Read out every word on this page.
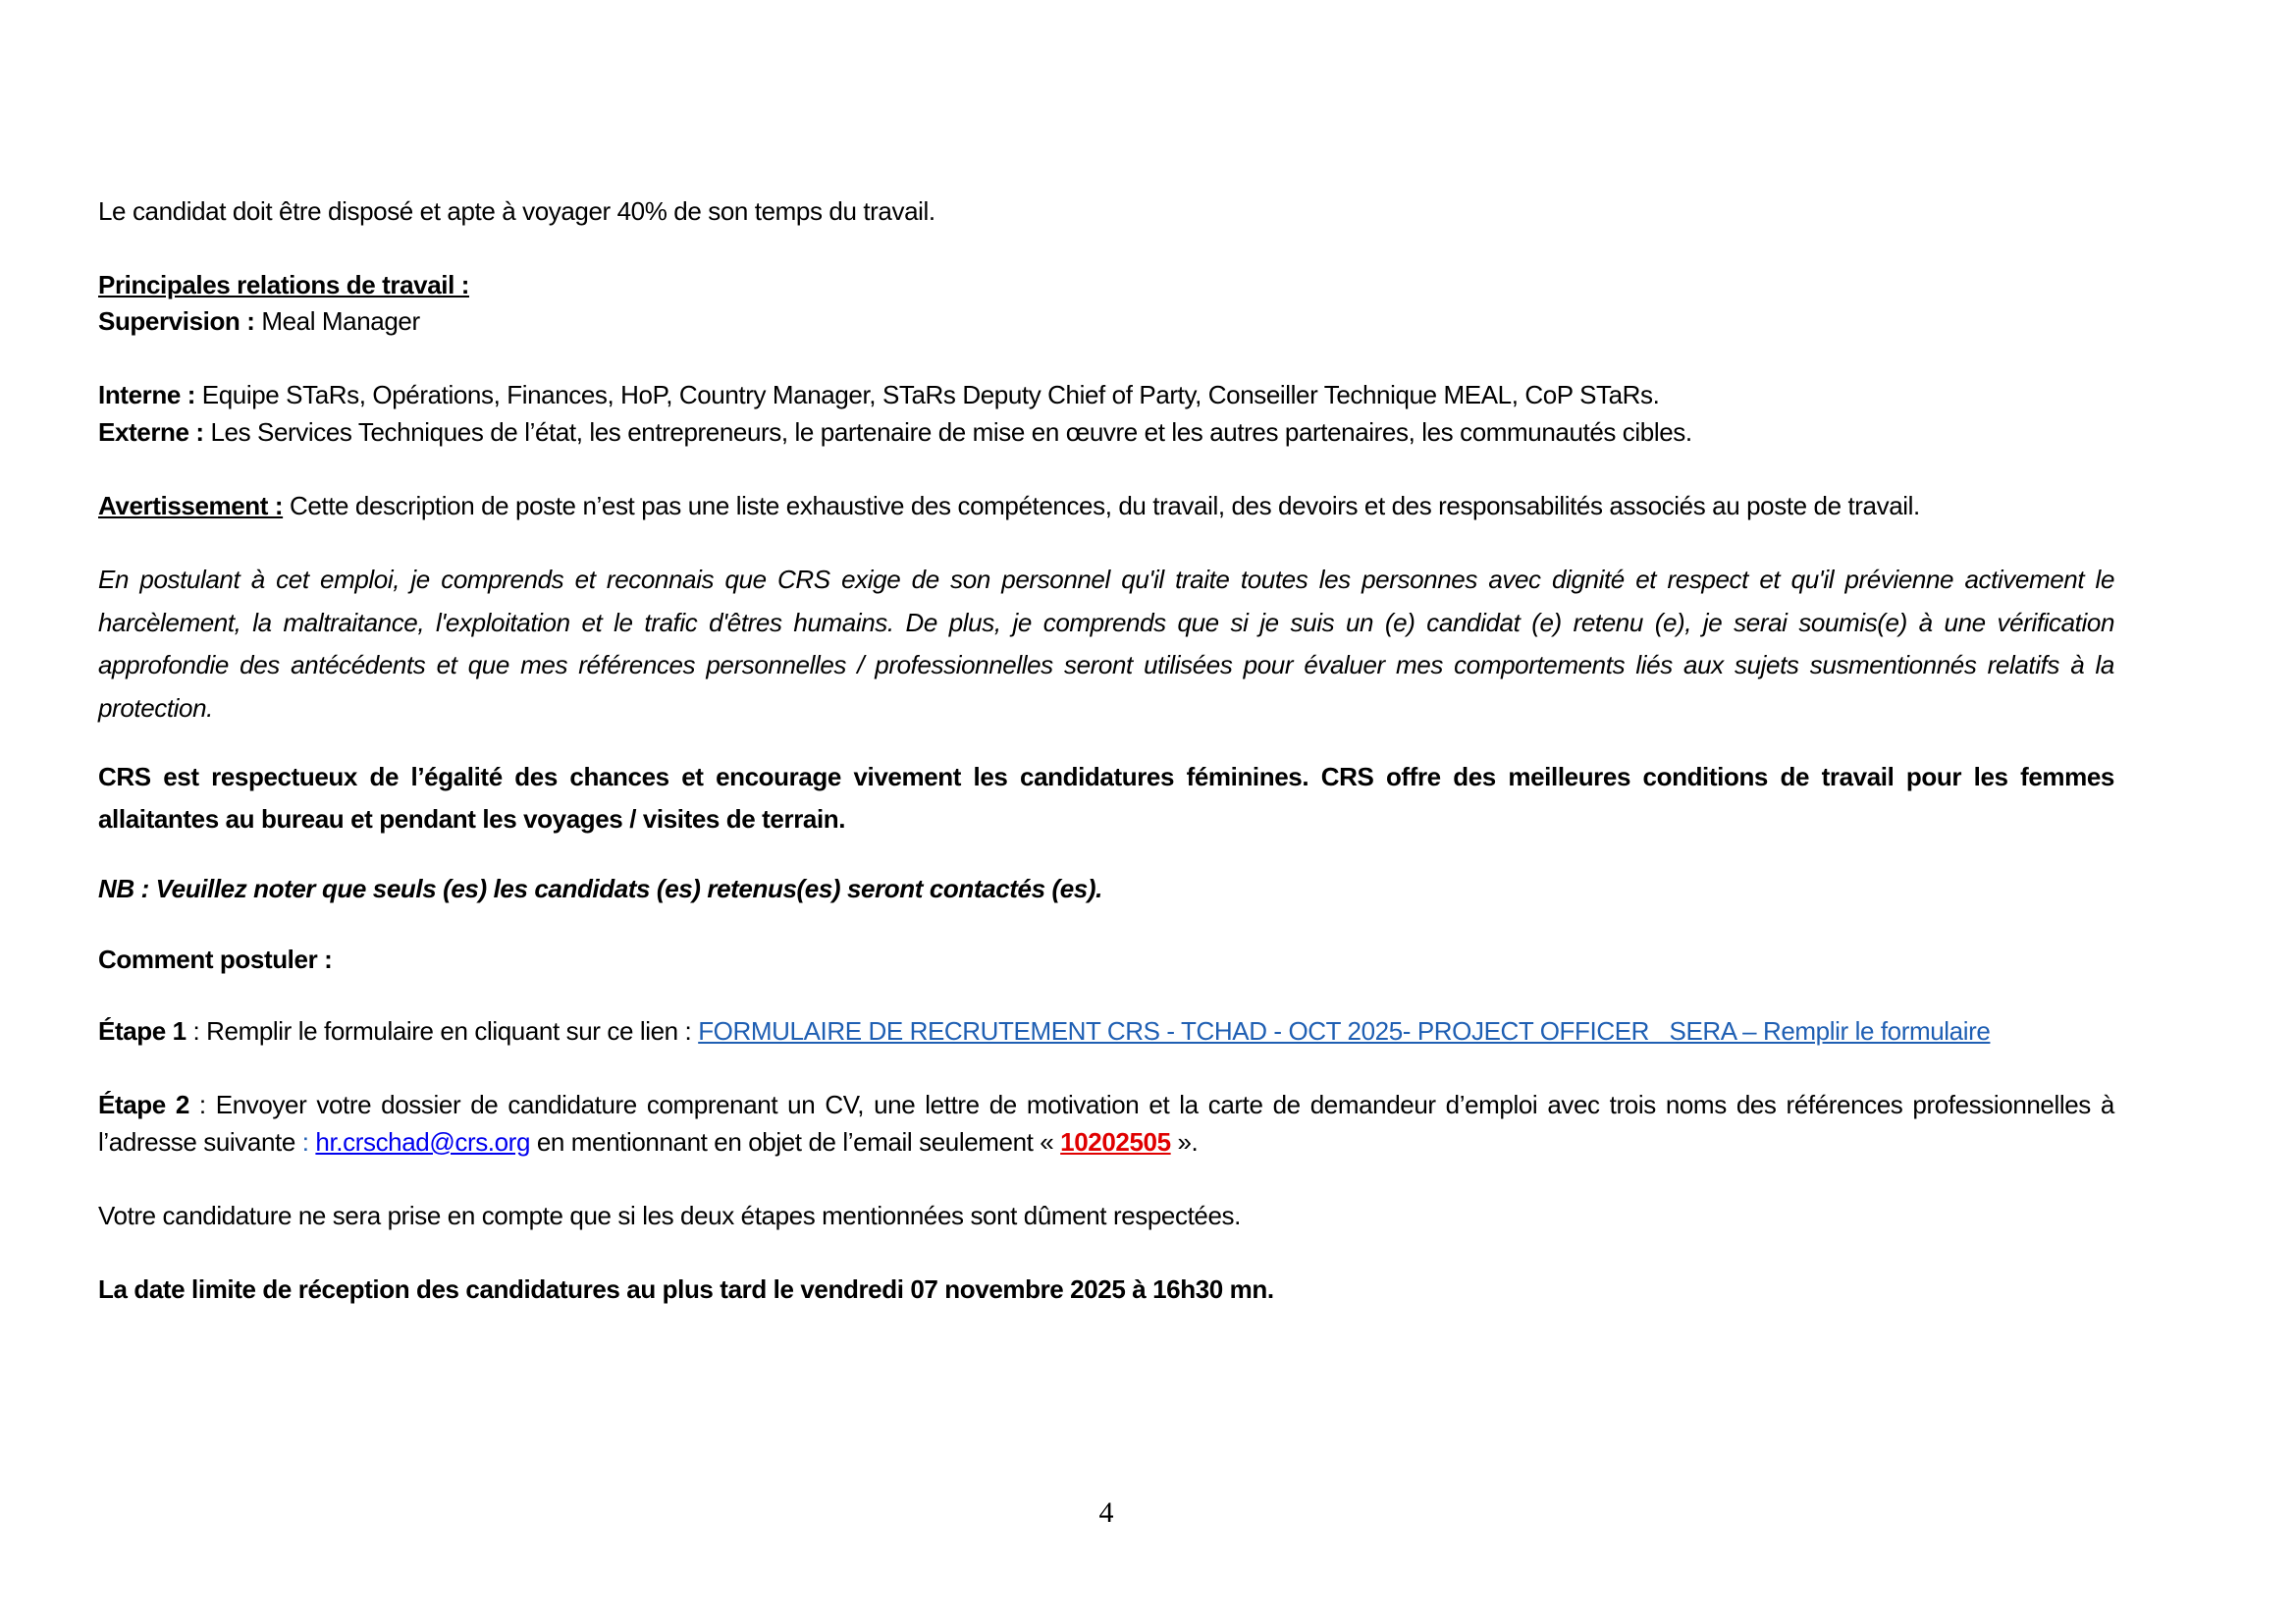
Le candidat doit être disposé et apte à voyager 40% de son temps du travail.
Principales relations de travail :
Supervision : Meal Manager
Interne : Equipe STaRs, Opérations, Finances, HoP, Country Manager, STaRs Deputy Chief of Party, Conseiller Technique MEAL, CoP STaRs.
Externe : Les Services Techniques de l’état, les entrepreneurs, le partenaire de mise en œuvre et les autres partenaires, les communautés cibles.
Avertissement : Cette description de poste n’est pas une liste exhaustive des compétences, du travail, des devoirs et des responsabilités associés au poste de travail.
En postulant à cet emploi, je comprends et reconnais que CRS exige de son personnel qu'il traite toutes les personnes avec dignité et respect et qu'il prévienne activement le harcèlement, la maltraitance, l'exploitation et le trafic d'êtres humains. De plus, je comprends que si je suis un (e) candidat (e) retenu (e), je serai soumis(e) à une vérification approfondie des antécédents et que mes références personnelles / professionnelles seront utilisées pour évaluer mes comportements liés aux sujets susmentionnés relatifs à la protection.
CRS est respectueux de l’égalité des chances et encourage vivement les candidatures féminines. CRS offre des meilleures conditions de travail pour les femmes allaitantes au bureau et pendant les voyages / visites de terrain.
NB : Veuillez noter que seuls (es) les candidats (es) retenus(es) seront contactés (es).
Comment postuler :
Étape 1 : Remplir le formulaire en cliquant sur ce lien : FORMULAIRE DE RECRUTEMENT CRS - TCHAD - OCT 2025- PROJECT OFFICER   SERA – Remplir le formulaire
Étape 2 : Envoyer votre dossier de candidature comprenant un CV, une lettre de motivation et la carte de demandeur d’emploi avec trois noms des références professionnelles à l’adresse suivante : hr.crschad@crs.org en mentionnant en objet de l’email seulement « 10202505 ».
Votre candidature ne sera prise en compte que si les deux étapes mentionnées sont dûment respectées.
La date limite de réception des candidatures au plus tard le vendredi 07 novembre 2025 à 16h30 mn.
4
